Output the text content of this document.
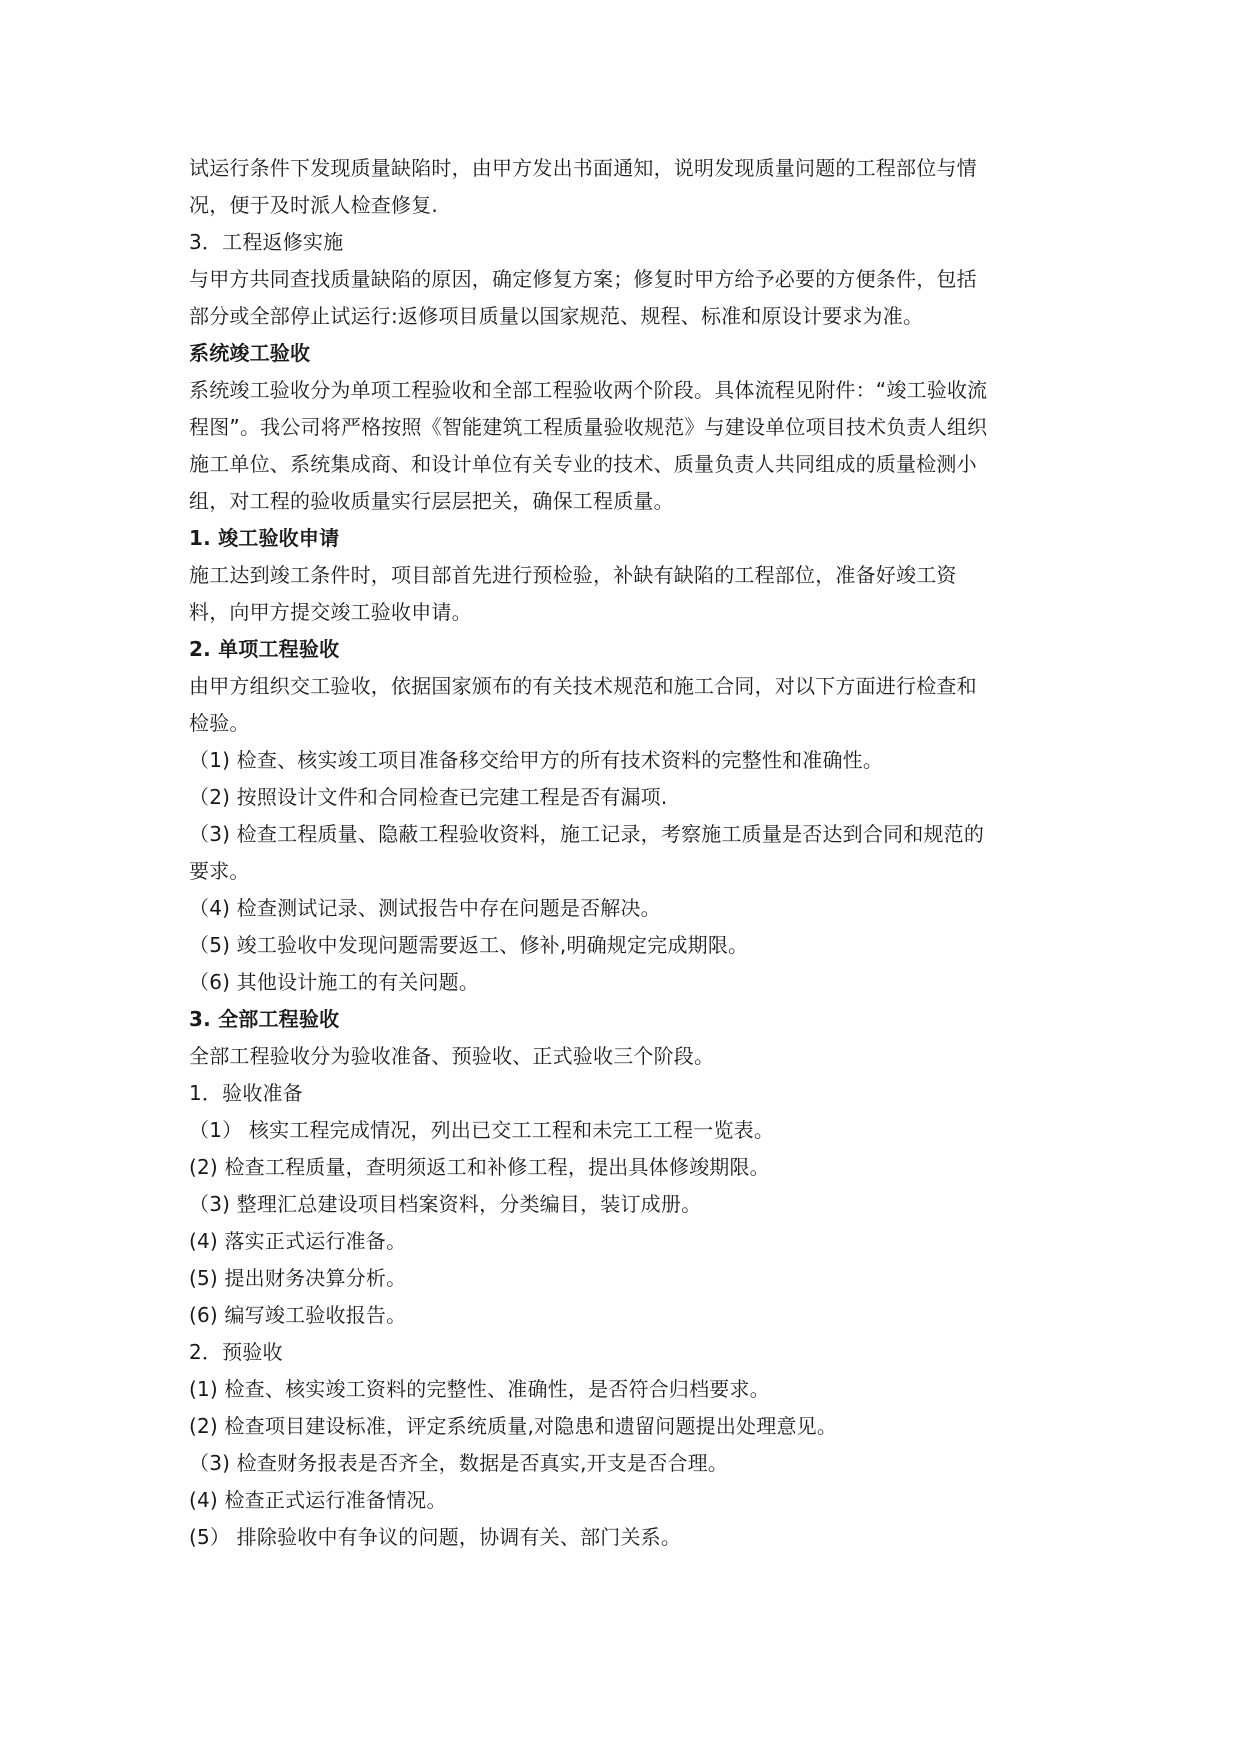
试运行条件下发现质量缺陷时，由甲方发出书面通知，说明发现质量问题的工程部位与情
况，便于及时派人检查修复.
3．工程返修实施
与甲方共同查找质量缺陷的原因，确定修复方案；修复时甲方给予必要的方便条件，包括
部分或全部停止试运行:返修项目质量以国家规范、规程、标准和原设计要求为准。
系统竣工验收
系统竣工验收分为单项工程验收和全部工程验收两个阶段。具体流程见附件：“竣工验收流
程图”。我公司将严格按照《智能建筑工程质量验收规范》与建设单位项目技术负责人组织
施工单位、系统集成商、和设计单位有关专业的技术、质量负责人共同组成的质量检测小
组，对工程的验收质量实行层层把关，确保工程质量。
1. 竣工验收申请
施工达到竣工条件时，项目部首先进行预检验，补缺有缺陷的工程部位，准备好竣工资
料，向甲方提交竣工验收申请。
2. 单项工程验收
由甲方组织交工验收，依据国家颁布的有关技术规范和施工合同，对以下方面进行检查和
检验。
（1) 检查、核实竣工项目准备移交给甲方的所有技术资料的完整性和准确性。
（2) 按照设计文件和合同检查已完建工程是否有漏项.
（3) 检查工程质量、隐蔽工程验收资料，施工记录，考察施工质量是否达到合同和规范的
要求。
（4) 检查测试记录、测试报告中存在问题是否解决。
（5) 竣工验收中发现问题需要返工、修补,明确规定完成期限。
（6) 其他设计施工的有关问题。
3. 全部工程验收
全部工程验收分为验收准备、预验收、正式验收三个阶段。
1．验收准备
（1） 核实工程完成情况，列出已交工工程和未完工工程一览表。
(2) 检查工程质量，查明须返工和补修工程，提出具体修竣期限。
（3) 整理汇总建设项目档案资料，分类编目，装订成册。
(4) 落实正式运行准备。
(5) 提出财务决算分析。
(6) 编写竣工验收报告。
2．预验收
(1) 检查、核实竣工资料的完整性、准确性，是否符合归档要求。
(2) 检查项目建设标准，评定系统质量,对隐患和遗留问题提出处理意见。
（3) 检查财务报表是否齐全，数据是否真实,开支是否合理。
(4) 检查正式运行准备情况。
(5） 排除验收中有争议的问题，协调有关、部门关系。
